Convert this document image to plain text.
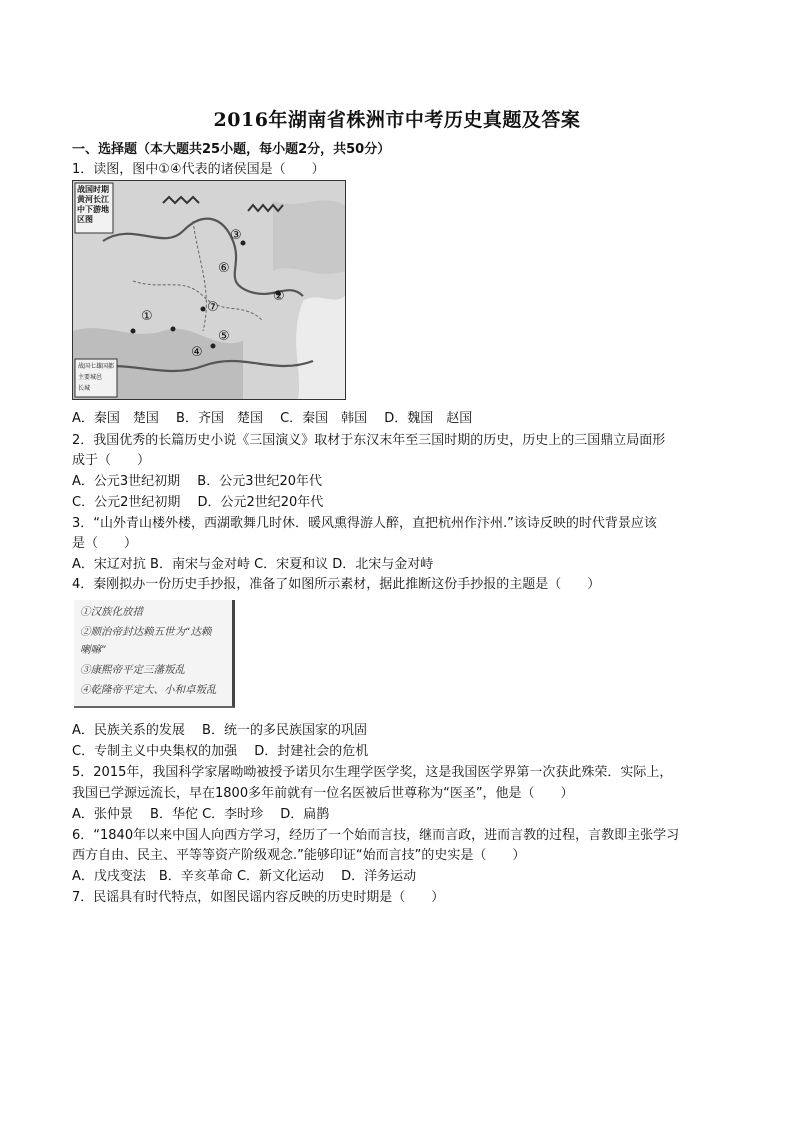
2016年湖南省株洲市中考历史真题及答案
一、选择题（本大题共25小题，每小题2分，共50分）
1．读图，图中①④代表的诸侯国是（　　）
战国时期黄河长江中下游地区图
①
②
③
④
⑤
⑥
⑦
战国七雄国都
主要城邑
长城
A．秦国　楚国　 B．齐国　楚国　 C．秦国　韩国　 D．魏国　赵国
2．我国优秀的长篇历史小说《三国演义》取材于东汉末年至三国时期的历史，历史上的三国鼎立局面形
成于（　　）
A．公元3世纪初期　 B．公元3世纪20年代
C．公元2世纪初期　 D．公元2世纪20年代
3．“山外青山楼外楼，西湖歌舞几时休．暖风熏得游人醉，直把杭州作汴州.”该诗反映的时代背景应该
是（　　）
A．宋辽对抗 B．南宋与金对峙 C．宋夏和议 D．北宋与金对峙
4．秦刚拟办一份历史手抄报，准备了如图所示素材，据此推断这份手抄报的主题是（　　）
①汉族化放措
②顺治帝封达赖五世为“达赖
喇嘛”
③康熙帝平定三藩叛乱
④乾隆帝平定大、小和卓叛乱
A．民族关系的发展　 B．统一的多民族国家的巩固
C．专制主义中央集权的加强　 D．封建社会的危机
5．2015年，我国科学家屠呦呦被授予诺贝尔生理学医学奖，这是我国医学界第一次获此殊荣．实际上，
我国已学源远流长，早在1800多年前就有一位名医被后世尊称为“医圣”，他是（　　）
A．张仲景　 B．华佗 C．李时珍　 D．扁鹊
6．“1840年以来中国人向西方学习，经历了一个始而言技，继而言政，进而言教的过程，言教即主张学习
西方自由、民主、平等等资产阶级观念.”能够印证“始而言技”的史实是（　　）
A．戊戌变法　B．辛亥革命 C．新文化运动　 D．洋务运动
7．民谣具有时代特点，如图民谣内容反映的历史时期是（　　）
